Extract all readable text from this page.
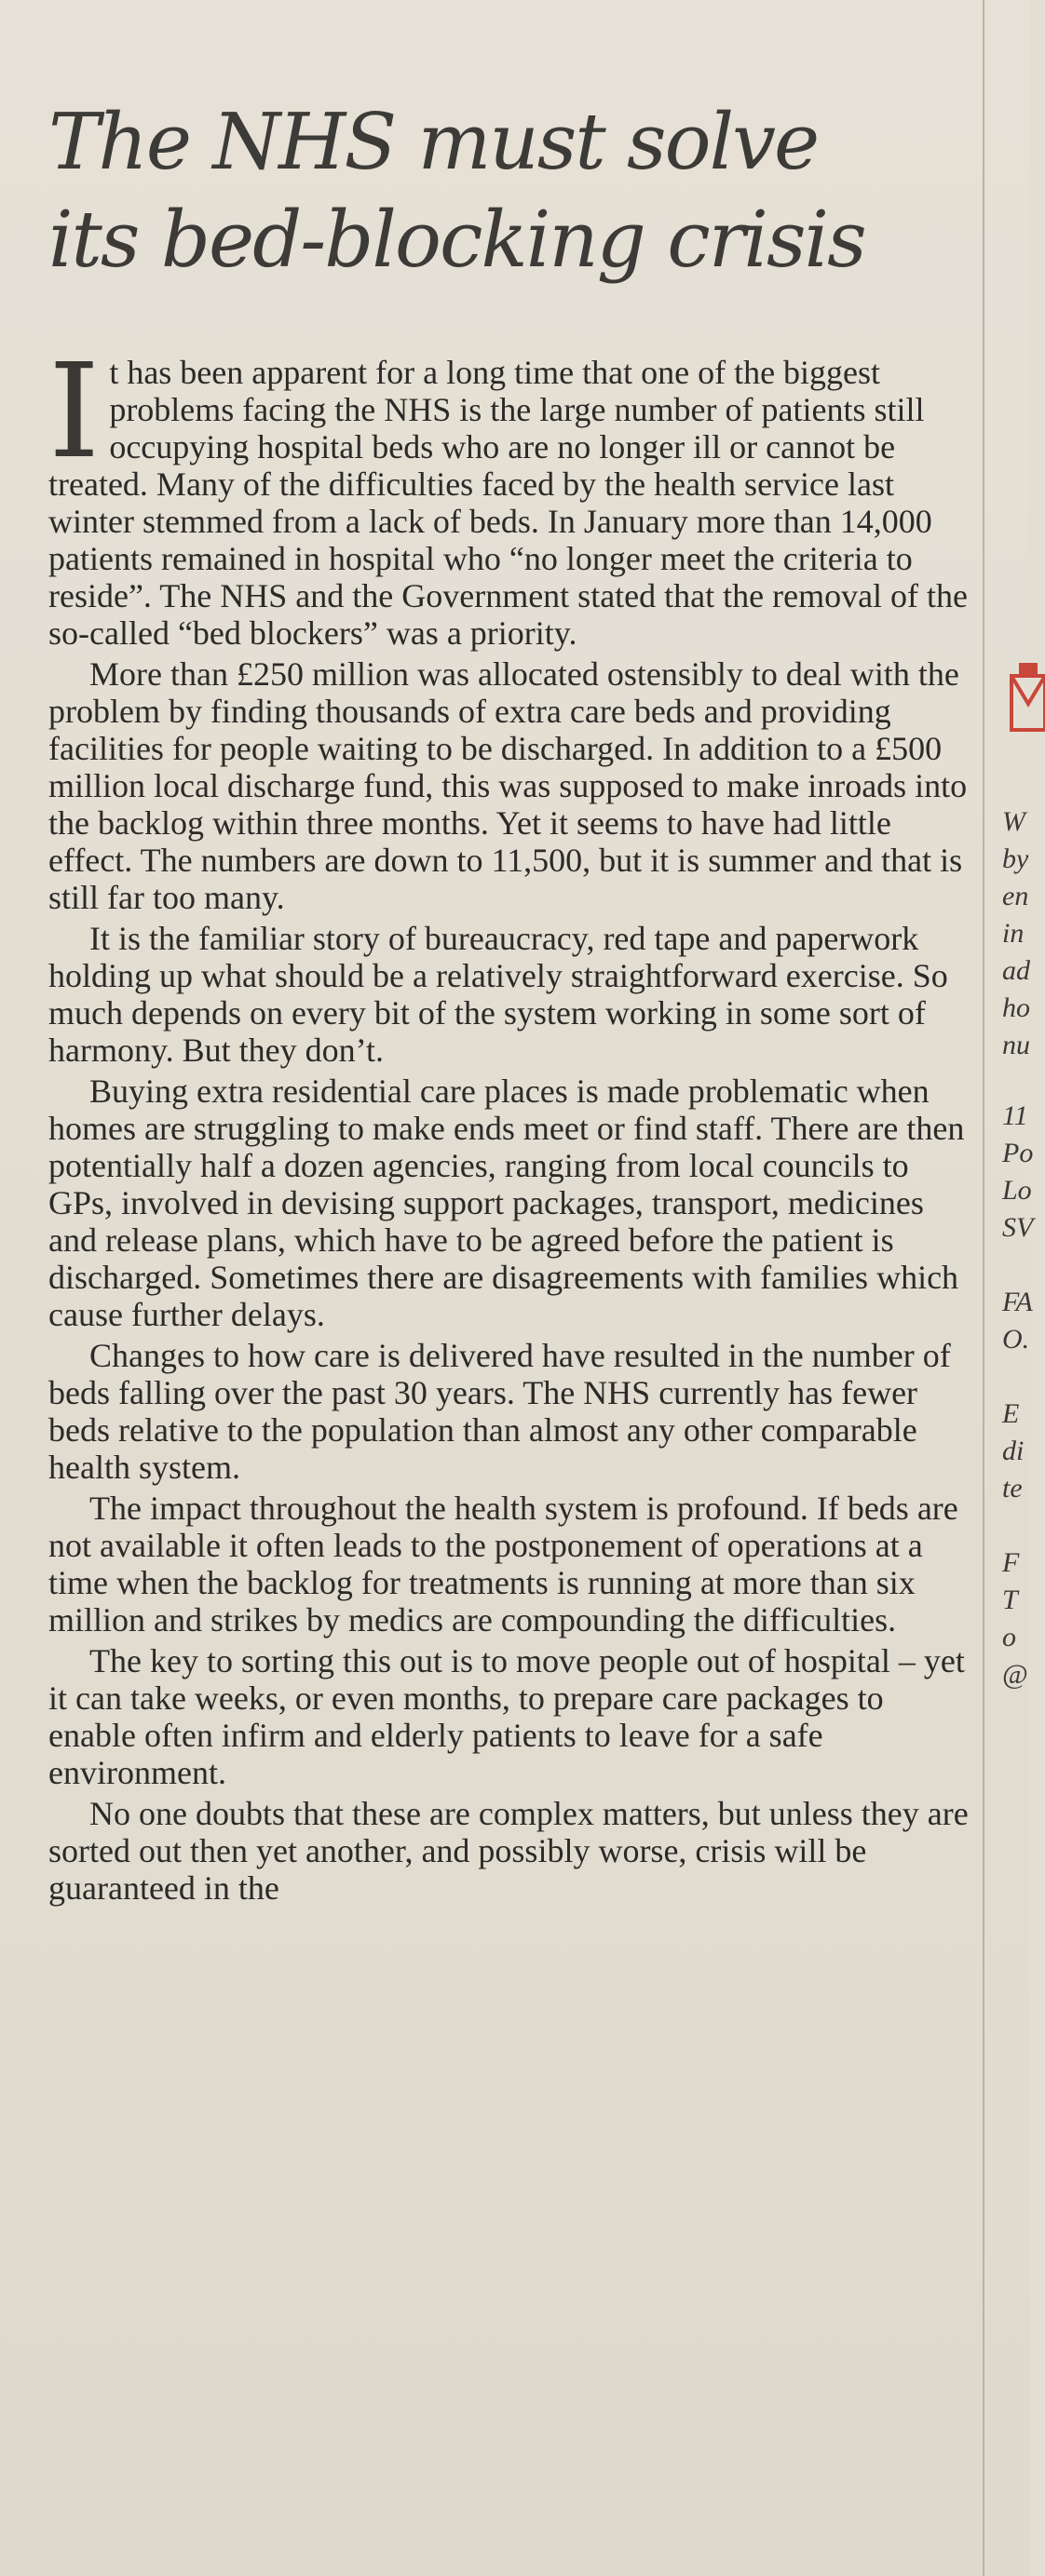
The NHS must solve
its bed-blocking crisis

It has been apparent for a long time that one of the biggest problems facing the NHS is the large number of patients still occupying hospital beds who are no longer ill or cannot be treated. Many of the difficulties faced by the health service last winter stemmed from a lack of beds. In January more than 14,000 patients remained in hospital who “no longer meet the criteria to reside”. The NHS and the Government stated that the removal of the so-called “bed blockers” was a priority.

More than £250 million was allocated ostensibly to deal with the problem by finding thousands of extra care beds and providing facilities for people waiting to be discharged. In addition to a £500 million local discharge fund, this was supposed to make inroads into the backlog within three months. Yet it seems to have had little effect. The numbers are down to 11,500, but it is summer and that is still far too many.

It is the familiar story of bureaucracy, red tape and paperwork holding up what should be a relatively straightforward exercise. So much depends on every bit of the system working in some sort of harmony. But they don’t.

Buying extra residential care places is made problematic when homes are struggling to make ends meet or find staff. There are then potentially half a dozen agencies, ranging from local councils to GPs, involved in devising support packages, transport, medicines and release plans, which have to be agreed before the patient is discharged. Sometimes there are disagreements with families which cause further delays.

Changes to how care is delivered have resulted in the number of beds falling over the past 30 years. The NHS currently has fewer beds relative to the population than almost any other comparable health system.

The impact throughout the health system is profound. If beds are not available it often leads to the postponement of operations at a time when the backlog for treatments is running at more than six million and strikes by medics are compounding the difficulties.

The key to sorting this out is to move people out of hospital – yet it can take weeks, or even months, to prepare care packages to enable often infirm and elderly patients to leave for a safe environment.

No one doubts that these are complex matters, but unless they are sorted out then yet another, and possibly worse, crisis will be guaranteed in the

W
by
en
in
ad
ho
nu
11
Po
Lo
SV
FA
O.
E
di
te
F
T
o
@
